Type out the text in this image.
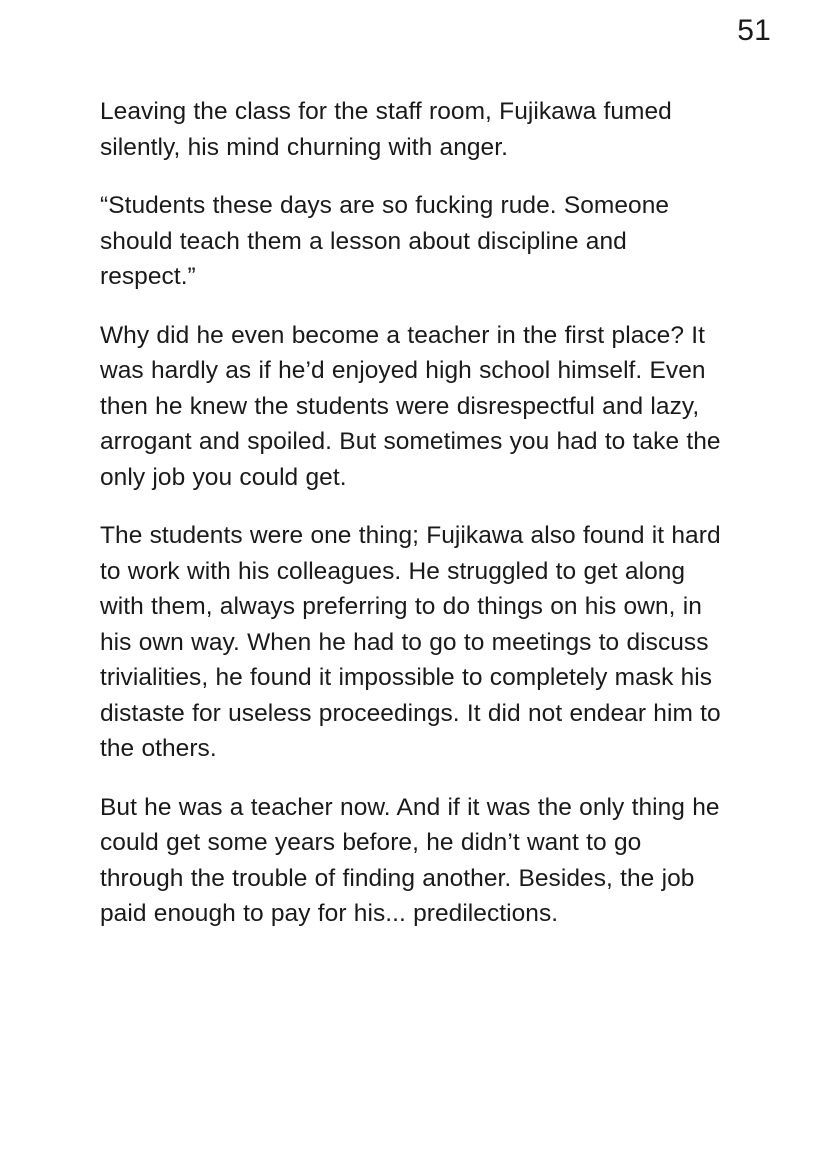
51

Leaving the class for the staff room, Fujikawa fumed silently, his mind churning with anger.

“Students these days are so fucking rude. Someone should teach them a lesson about discipline and respect.”

Why did he even become a teacher in the first place? It was hardly as if he’d enjoyed high school himself. Even then he knew the students were disrespectful and lazy, arrogant and spoiled. But sometimes you had to take the only job you could get.

The students were one thing; Fujikawa also found it hard to work with his colleagues. He struggled to get along with them, always preferring to do things on his own, in his own way. When he had to go to meetings to discuss trivialities, he found it impossible to completely mask his distaste for useless proceedings. It did not endear him to the others.

But he was a teacher now. And if it was the only thing he could get some years before, he didn’t want to go through the trouble of finding another. Besides, the job paid enough to pay for his... predilections.
